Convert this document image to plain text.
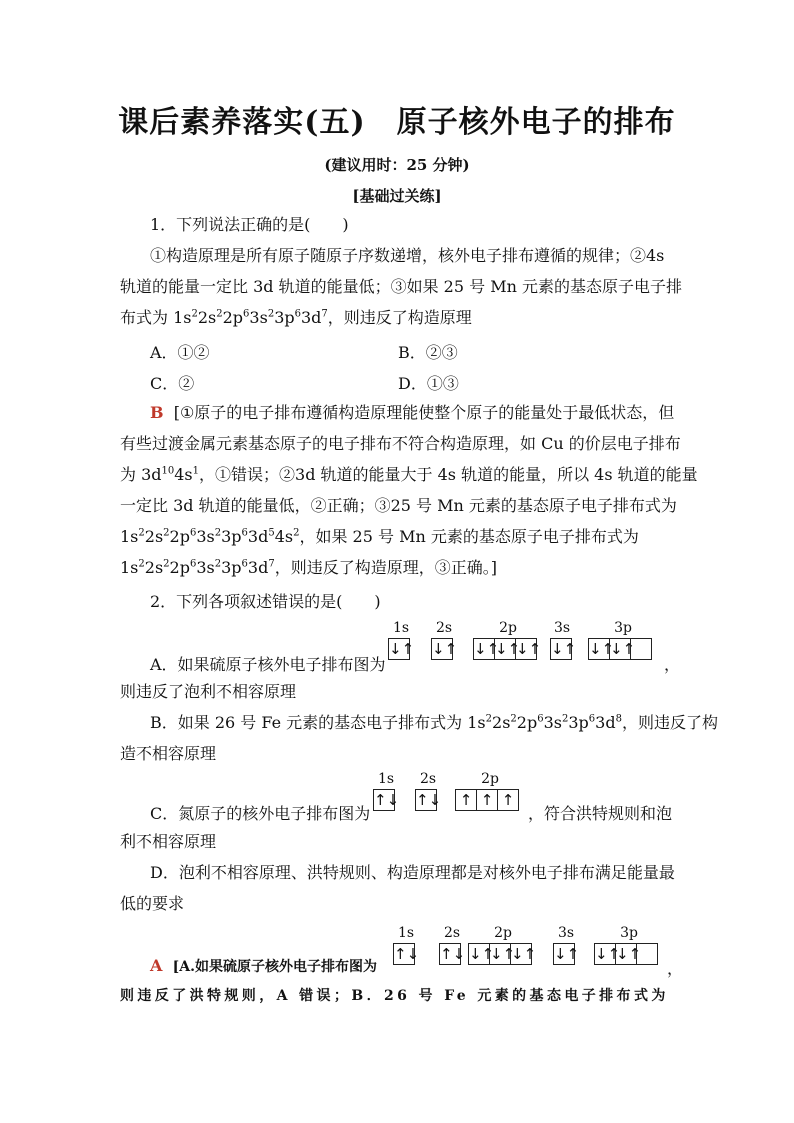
课后素养落实(五)　原子核外电子的排布
(建议用时：25 分钟)
[基础过关练]
1．下列说法正确的是(　　)
①构造原理是所有原子随原子序数递增，核外电子排布遵循的规律；②4s
轨道的能量一定比 3d 轨道的能量低；③如果 25 号 Mn 元素的基态原子电子排
布式为 $1s^22s^22p^63s^23p^63d^7$，则违反了构造原理
A．①②	B．②③
C．②	D．①③
B [①原子的电子排布遵循构造原理能使整个原子的能量处于最低状态，但
有些过渡金属元素基态原子的电子排布不符合构造原理，如 Cu 的价层电子排布
为 $3d^{10}4s^1$，①错误；②3d 轨道的能量大于 4s 轨道的能量，所以 4s 轨道的能量
一定比 3d 轨道的能量低，②正确；③25 号 Mn 元素的基态原子电子排布式为
$1s^22s^22p^63s^23p^63d^54s^2$，如果 25 号 Mn 元素的基态原子电子排布式为
$1s^22s^22p^63s^23p^63d^7$，则违反了构造原理，③正确。]
2．下列各项叙述错误的是(　　)
A．如果硫原子核外电子排布图为
1s
↓↑
2s
↓↑
2p
↓↑
↓↑
↓↑
3s
↓↑
3p
↓↑
↓↑
，
则违反了泡利不相容原理
B．如果 26 号 Fe 元素的基态电子排布式为 $1s^22s^22p^63s^23p^63d^8$，则违反了构
造不相容原理
C．氮原子的核外电子排布图为
1s
↑↓
2s
↑↓
2p
↑ ↑ ↑
，符合洪特规则和泡
利不相容原理
D．泡利不相容原理、洪特规则、构造原理都是对核外电子排布满足能量最
低的要求
A [A.如果硫原子核外电子排布图为
1s
↑↓
2s
↑↓
2p
↓↑
↓↑
↓↑
3s
↓↑
3p
↓↑
↓↑
，
则违反了洪特规则，A 错误；B．26 号 Fe 元素的基态电子排布式为
